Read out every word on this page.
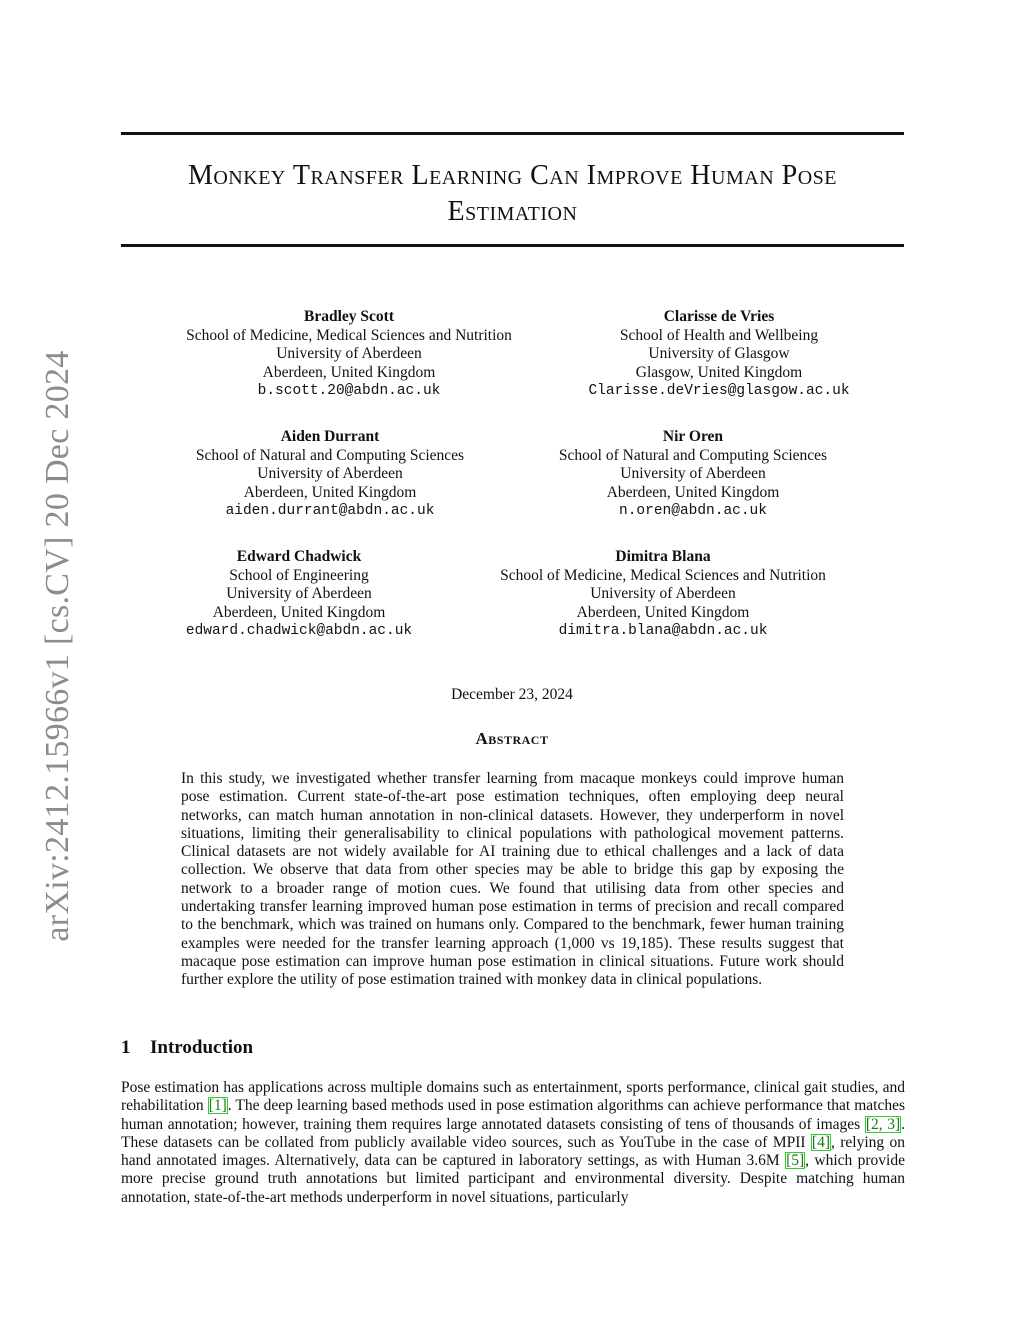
arXiv:2412.15966v1 [cs.CV] 20 Dec 2024
Monkey Transfer Learning Can Improve Human Pose Estimation
Bradley Scott
School of Medicine, Medical Sciences and Nutrition
University of Aberdeen
Aberdeen, United Kingdom
b.scott.20@abdn.ac.uk
Clarisse de Vries
School of Health and Wellbeing
University of Glasgow
Glasgow, United Kingdom
Clarisse.deVries@glasgow.ac.uk
Aiden Durrant
School of Natural and Computing Sciences
University of Aberdeen
Aberdeen, United Kingdom
aiden.durrant@abdn.ac.uk
Nir Oren
School of Natural and Computing Sciences
University of Aberdeen
Aberdeen, United Kingdom
n.oren@abdn.ac.uk
Edward Chadwick
School of Engineering
University of Aberdeen
Aberdeen, United Kingdom
edward.chadwick@abdn.ac.uk
Dimitra Blana
School of Medicine, Medical Sciences and Nutrition
University of Aberdeen
Aberdeen, United Kingdom
dimitra.blana@abdn.ac.uk
December 23, 2024
Abstract
In this study, we investigated whether transfer learning from macaque monkeys could improve human pose estimation. Current state-of-the-art pose estimation techniques, often employing deep neural networks, can match human annotation in non-clinical datasets. However, they underperform in novel situations, limiting their generalisability to clinical populations with pathological movement patterns. Clinical datasets are not widely available for AI training due to ethical challenges and a lack of data collection. We observe that data from other species may be able to bridge this gap by exposing the network to a broader range of motion cues. We found that utilising data from other species and undertaking transfer learning improved human pose estimation in terms of precision and recall compared to the benchmark, which was trained on humans only. Compared to the benchmark, fewer human training examples were needed for the transfer learning approach (1,000 vs 19,185). These results suggest that macaque pose estimation can improve human pose estimation in clinical situations. Future work should further explore the utility of pose estimation trained with monkey data in clinical populations.
1 Introduction
Pose estimation has applications across multiple domains such as entertainment, sports performance, clinical gait studies, and rehabilitation [1]. The deep learning based methods used in pose estimation algorithms can achieve performance that matches human annotation; however, training them requires large annotated datasets consisting of tens of thousands of images [2, 3]. These datasets can be collated from publicly available video sources, such as YouTube in the case of MPII [4], relying on hand annotated images. Alternatively, data can be captured in laboratory settings, as with Human 3.6M [5], which provide more precise ground truth annotations but limited participant and environmental diversity. Despite matching human annotation, state-of-the-art methods underperform in novel situations, particularly
